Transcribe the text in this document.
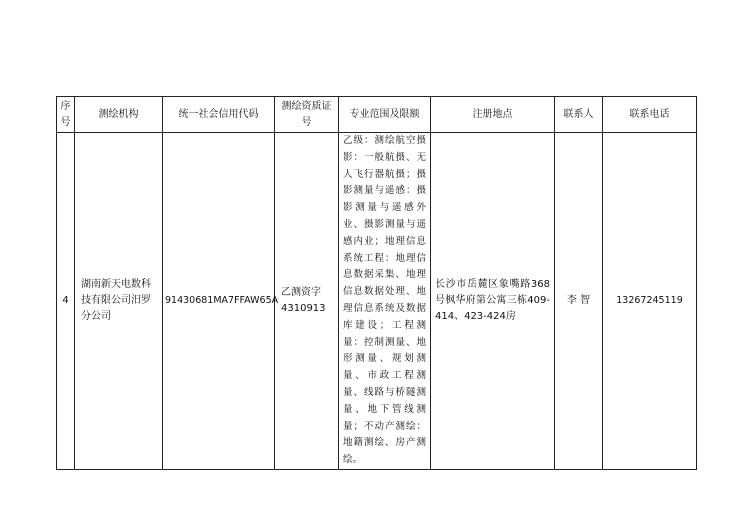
序号	测绘机构	统一社会信用代码	测绘资质证号	专业范围及限额	注册地点	联系人	联系电话
4	湖南新天电数科技有限公司汨罗分公司	91430681MA7FFAW65A	乙测资字4310913	乙级：测绘航空摄影：一般航摄、无人飞行器航摄；摄影测量与遥感：摄影测量与遥感外业、摄影测量与遥感内业；地理信息系统工程：地理信息数据采集、地理信息数据处理、地理信息系统及数据库建设；工程测量：控制测量、地形测量、规划测量、市政工程测量、线路与桥隧测量、地下管线测量；不动产测绘：地籍测绘、房产测绘。	长沙市岳麓区象嘴路368号枫华府第公寓三栋409-414、423-424房	李 智	13267245119
